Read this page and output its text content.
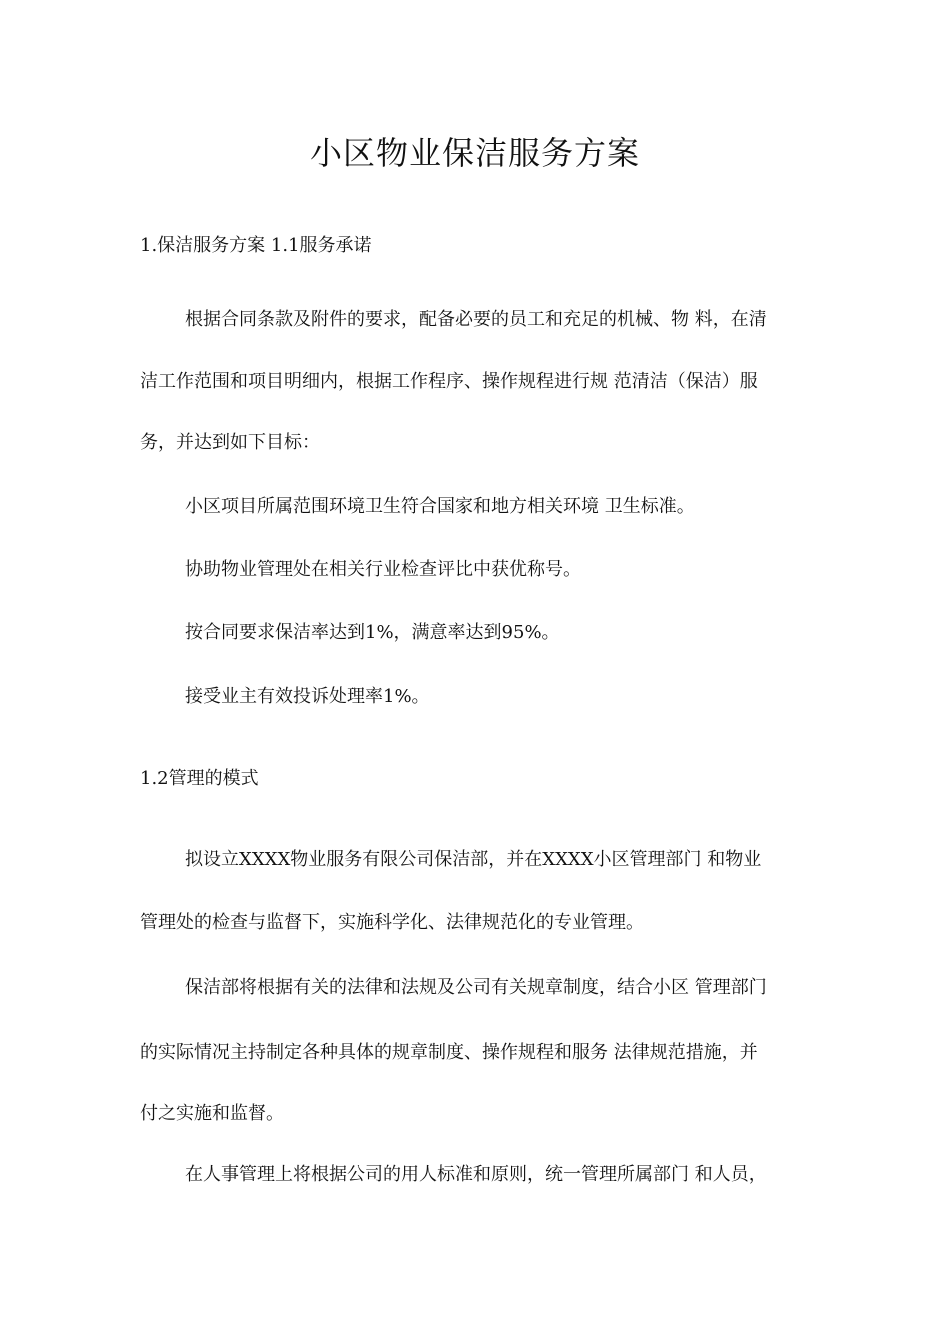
小区物业保洁服务方案

1.保洁服务方案 1.1服务承诺

根据合同条款及附件的要求，配备必要的员工和充足的机械、物 料，在清

洁工作范围和项目明细内，根据工作程序、操作规程进行规 范清洁（保洁）服

务，并达到如下目标：

小区项目所属范围环境卫生符合国家和地方相关环境 卫生标准。

协助物业管理处在相关行业检查评比中获优称号。

按合同要求保洁率达到1%，满意率达到95%。

接受业主有效投诉处理率1%。

1.2管理的模式

拟设立XXXX物业服务有限公司保洁部，并在XXXX小区管理部门 和物业

管理处的检查与监督下，实施科学化、法律规范化的专业管理。

保洁部将根据有关的法律和法规及公司有关规章制度，结合小区 管理部门

的实际情况主持制定各种具体的规章制度、操作规程和服务 法律规范措施，并

付之实施和监督。

在人事管理上将根据公司的用人标准和原则，统一管理所属部门 和人员，
